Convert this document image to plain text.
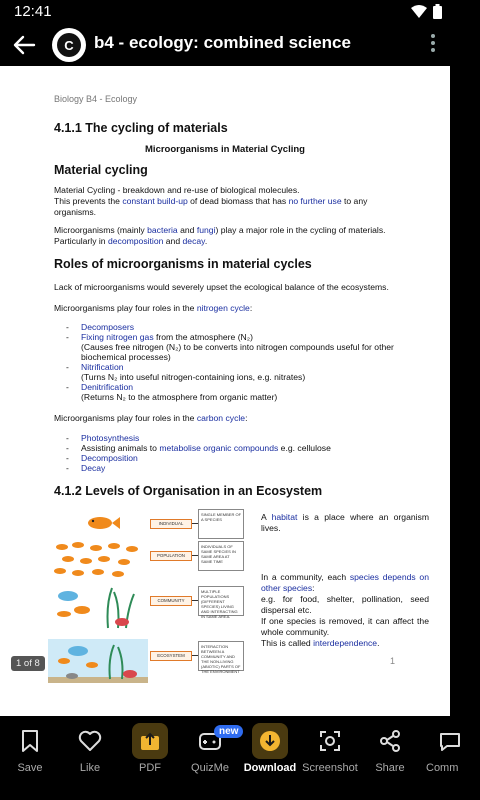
12:41
C	b4 - ecology: combined science
Biology B4 - Ecology
4.1.1 The cycling of materials
Microorganisms in Material Cycling
Material cycling
Material Cycling - breakdown and re-use of biological molecules.
This prevents the constant build-up of dead biomass that has no further use to any organisms.
Microorganisms (mainly bacteria and fungi) play a major role in the cycling of materials.
Particularly in decomposition and decay.
Roles of microorganisms in material cycles

Lack of microorganisms would severely upset the ecological balance of the ecosystems.

Microorganisms play four roles in the nitrogen cycle:
- Decomposers
- Fixing nitrogen gas from the atmosphere (N₂)
(Causes free nitrogen (N₂) to be converts into nitrogen compounds useful for other biochemical processes)
- Nitrification
(Turns N₂ into useful nitrogen-containing ions, e.g. nitrates)
- Denitrification
(Returns N₂ to the atmosphere from organic matter)
Microorganisms play four roles in the carbon cycle:
- Photosynthesis
- Assisting animals to metabolise organic compounds e.g. cellulose
- Decomposition
- Decay
4.1.2 Levels of Organisation in an Ecosystem
INDIVIDUAL
SINGLE MEMBER OF A SPECIES
POPULATION
INDIVIDUALS OF SAME SPECIES IN SAME AREA AT SAME TIME
COMMUNITY
MULTIPLE POPULATIONS (DIFFERENT SPECIES) LIVING AND INTERACTING IN SAME AREA.
ECOSYSTEM
INTERACTION BETWEEN A COMMUNITY AND THE NON-LIVING (ABIOTIC) PARTS OF THE ENVIRONMENT
A habitat is a place where an organism lives.
In a community, each species depends on other species:
e.g. for food, shelter, pollination, seed dispersal etc.
If one species is removed, it can affect the whole community.
This is called interdependence.
1
1 of 8
Save	Like	PDF	QuizMe
new
Download Screenshot	Share	Comm
